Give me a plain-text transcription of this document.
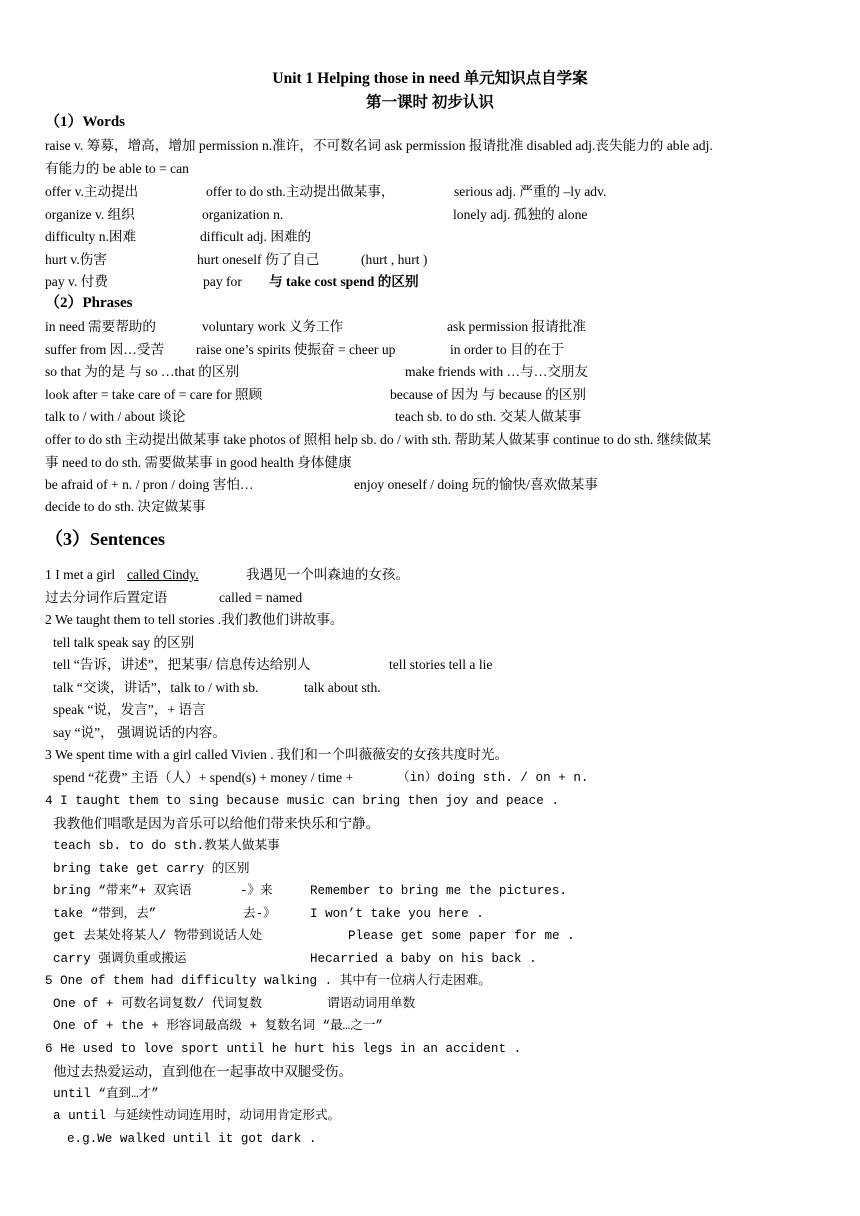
Unit 1 Helping those in need 单元知识点自学案
第一课时 初步认识
（1）Words
raise v. 筹募，增高，增加 permission n.准许，不可数名词 ask permission 报请批准 disabled adj.丧失能力的 able adj.
有能力的 be able to = can
offer v.主动提出	offer to do sth.主动提出做某事，	serious adj. 严重的 –ly adv.
organize v. 组织	organization n.	lonely adj. 孤独的 alone
difficulty n.困难	difficult adj. 困难的
hurt v.伤害	hurt oneself 伤了自己	(hurt , hurt )
pay v. 付费	pay for 与 take cost spend 的区别
（2）Phrases
in need 需要帮助的	voluntary work 义务工作	ask permission 报请批准
suffer from 因…受苦 raise one’s spirits 使振奋 = cheer up	in order to 目的在于
so that 为的是 与 so …that 的区别	make friends with …与…交朋友
look after = take care of = care for 照顾	because of 因为 与 because 的区别
talk to / with / about 谈论	teach sb. to do sth. 交某人做某事
offer to do sth 主动提出做某事 take photos of 照相 help sb. do / with sth. 帮助某人做某事 continue to do sth. 继续做某
事 need to do sth. 需要做某事 in good health 身体健康
be afraid of + n. / pron / doing 害怕…	enjoy oneself / doing 玩的愉快/喜欢做某事
decide to do sth. 决定做某事
（3）Sentences
1 I met a girl called Cindy.	我遇见一个叫森迪的女孩。
过去分词作后置定语	called = named
2 We taught them to tell stories .我们教他们讲故事。
tell talk speak say 的区别
tell “告诉，讲述”，把某事/ 信息传达给别人	tell stories tell a lie
talk “交谈，讲话”，talk to / with sb.	talk about sth.
speak “说，发言”，+ 语言
say “说”， 强调说话的内容。
3 We spent time with a girl called Vivien . 我们和一个叫薇薇安的女孩共度时光。
spend “花费” 主语（人）+ spend(s) + money / time +	（in）doing sth. / on + n.
4 I taught them to sing because music can bring then joy and peace .
我教他们唱歌是因为音乐可以给他们带来快乐和宁静。
teach sb. to do sth.教某人做某事
bring take get carry 的区别
bring “带来”+ 双宾语	-》来	Remember to bring me the pictures.
take “带到，去”	去-》	I won’t take you here .
get 去某处将某人/ 物带到说话人处	Please get some paper for me .
carry 强调负重或搬运	Hecarried a baby on his back .
5 One of them had difficulty walking . 其中有一位病人行走困难。
One of + 可数名词复数/ 代词复数	谓语动词用单数
One of + the + 形容词最高级 + 复数名词 “最…之一”
6 He used to love sport until he hurt his legs in an accident .
他过去热爱运动，直到他在一起事故中双腿受伤。
until “直到…才”
a until 与延续性动词连用时，动词用肯定形式。
e.g.We walked until it got dark .
